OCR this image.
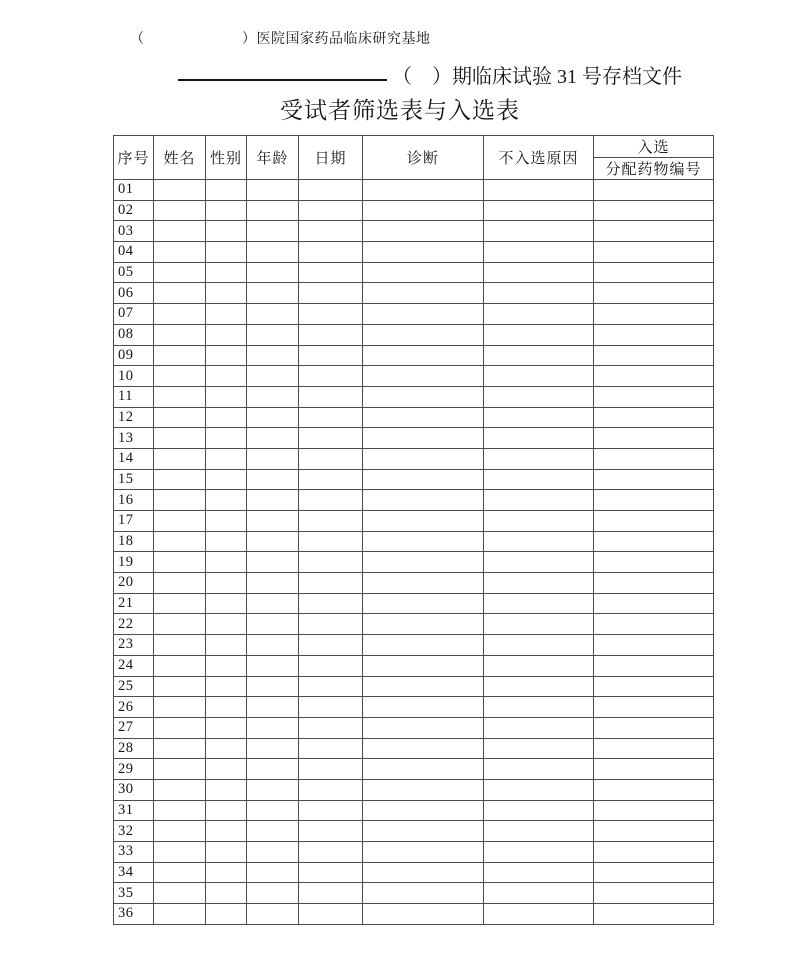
（	）医院国家药品临床研究基地
（　）期临床试验 31 号存档文件
受试者筛选表与入选表
序号	姓名	性别	年龄	日期	诊断	不入选原因	入选
							分配药物编号
01							
02							
03							
04							
05							
06							
07							
08							
09							
10							
11							
12							
13							
14							
15							
16							
17							
18							
19							
20							
21							
22							
23							
24							
25							
26							
27							
28							
29							
30							
31							
32							
33							
34							
35							
36							
